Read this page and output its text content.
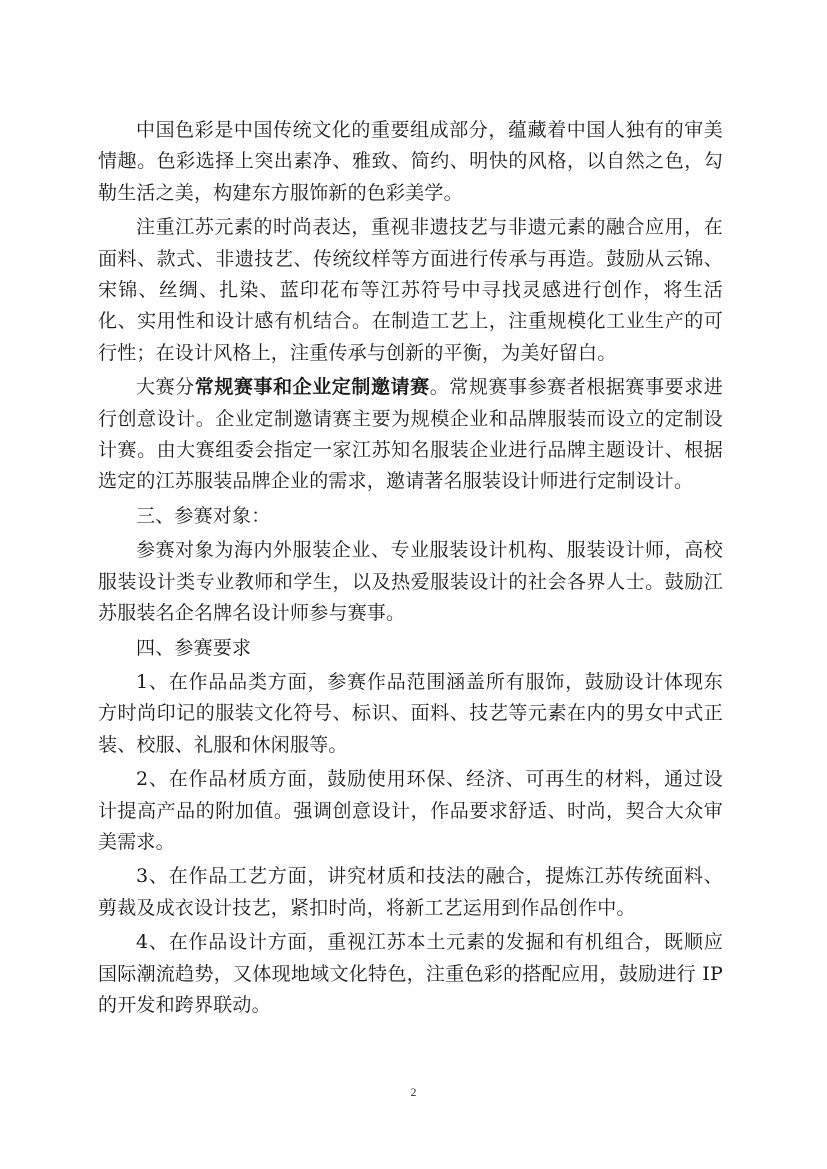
中国色彩是中国传统文化的重要组成部分，蕴藏着中国人独有的审美情趣。色彩选择上突出素净、雅致、简约、明快的风格，以自然之色，勾勒生活之美，构建东方服饰新的色彩美学。

注重江苏元素的时尚表达，重视非遗技艺与非遗元素的融合应用，在面料、款式、非遗技艺、传统纹样等方面进行传承与再造。鼓励从云锦、宋锦、丝绸、扎染、蓝印花布等江苏符号中寻找灵感进行创作，将生活化、实用性和设计感有机结合。在制造工艺上，注重规模化工业生产的可行性；在设计风格上，注重传承与创新的平衡，为美好留白。

大赛分常规赛事和企业定制邀请赛。常规赛事参赛者根据赛事要求进行创意设计。企业定制邀请赛主要为规模企业和品牌服装而设立的定制设计赛。由大赛组委会指定一家江苏知名服装企业进行品牌主题设计、根据选定的江苏服装品牌企业的需求，邀请著名服装设计师进行定制设计。

三、参赛对象：

参赛对象为海内外服装企业、专业服装设计机构、服装设计师，高校服装设计类专业教师和学生，以及热爱服装设计的社会各界人士。鼓励江苏服装名企名牌名设计师参与赛事。

四、参赛要求

1、在作品品类方面，参赛作品范围涵盖所有服饰，鼓励设计体现东方时尚印记的服装文化符号、标识、面料、技艺等元素在内的男女中式正装、校服、礼服和休闲服等。

2、在作品材质方面，鼓励使用环保、经济、可再生的材料，通过设计提高产品的附加值。强调创意设计，作品要求舒适、时尚，契合大众审美需求。

3、在作品工艺方面，讲究材质和技法的融合，提炼江苏传统面料、剪裁及成衣设计技艺，紧扣时尚，将新工艺运用到作品创作中。

4、在作品设计方面，重视江苏本土元素的发掘和有机组合，既顺应国际潮流趋势，又体现地域文化特色，注重色彩的搭配应用，鼓励进行 IP 的开发和跨界联动。

2
